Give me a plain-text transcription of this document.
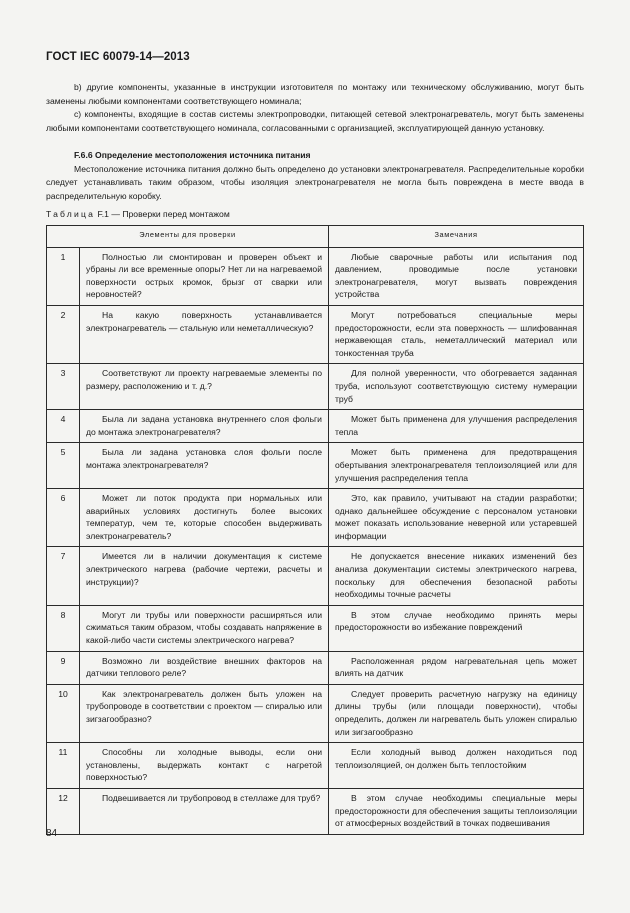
ГОСТ IEC 60079-14—2013
b) другие компоненты, указанные в инструкции изготовителя по монтажу или техническому обслуживанию, могут быть заменены любыми компонентами соответствующего номинала;
c) компоненты, входящие в состав системы электропроводки, питающей сетевой электронагреватель, могут быть заменены любыми компонентами соответствующего номинала, согласованными с организацией, эксплуатирующей данную установку.
F.6.6 Определение местоположения источника питания
Местоположение источника питания должно быть определено до установки электронагревателя. Распределительные коробки следует устанавливать таким образом, чтобы изоляция электронагревателя не могла быть повреждена в месте ввода в распределительную коробку.
Таблица F.1 — Проверки перед монтажом
Элементы для проверки		Замечания
1	Полностью ли смонтирован и проверен объект и убраны ли все временные опоры? Нет ли на нагреваемой поверхности острых кромок, брызг от сварки или неровностей?	Любые сварочные работы или испытания под давлением, проводимые после установки электронагревателя, могут вызвать повреждения устройства

2	На какую поверхность устанавливается электронагреватель — стальную или неметаллическую?	Могут потребоваться специальные меры предосторожности, если эта поверхность — шлифованная нержавеющая сталь, неметаллический материал или тонкостенная труба

3	Соответствуют ли проекту нагреваемые элементы по размеру, расположению и т. д.?	Для полной уверенности, что обогревается заданная труба, используют соответствующую систему нумерации труб

4	Была ли задана установка внутреннего слоя фольги до монтажа электронагревателя?	Может быть применена для улучшения распределения тепла

5	Была ли задана установка слоя фольги после монтажа электронагревателя?	Может быть применена для предотвращения обертывания электронагревателя теплоизоляцией или для улучшения распределения тепла

6	Может ли поток продукта при нормальных или аварийных условиях достигнуть более высоких температур, чем те, которые способен выдерживать электронагреватель?	Это, как правило, учитывают на стадии разработки; однако дальнейшее обсуждение с персоналом установки может показать использование неверной или устаревшей информации

7	Имеется ли в наличии документация к системе электрического нагрева (рабочие чертежи, расчеты и инструкции)?	Не допускается внесение никаких изменений без анализа документации системы электрического нагрева, поскольку для обеспечения безопасной работы необходимы точные расчеты

8	Могут ли трубы или поверхности расширяться или сжиматься таким образом, чтобы создавать напряжение в какой-либо части системы электрического нагрева?	В этом случае необходимо принять меры предосторожности во избежание повреждений

9	Возможно ли воздействие внешних факторов на датчики теплового реле?	Расположенная рядом нагревательная цепь может влиять на датчик

10	Как электронагреватель должен быть уложен на трубопроводе в соответствии с проектом — спиралью или зигзагообразно?	Следует проверить расчетную нагрузку на единицу длины трубы (или площади поверхности), чтобы определить, должен ли нагреватель быть уложен спиралью или зигзагообразно

11	Способны ли холодные выводы, если они установлены, выдержать контакт с нагретой поверхностью?	Если холодный вывод должен находиться под теплоизоляцией, он должен быть теплостойким

12	Подвешивается ли трубопровод в стеллаже для труб?	В этом случае необходимы специальные меры предосторожности для обеспечения защиты теплоизоляции от атмосферных воздействий в точках подвешивания
84
